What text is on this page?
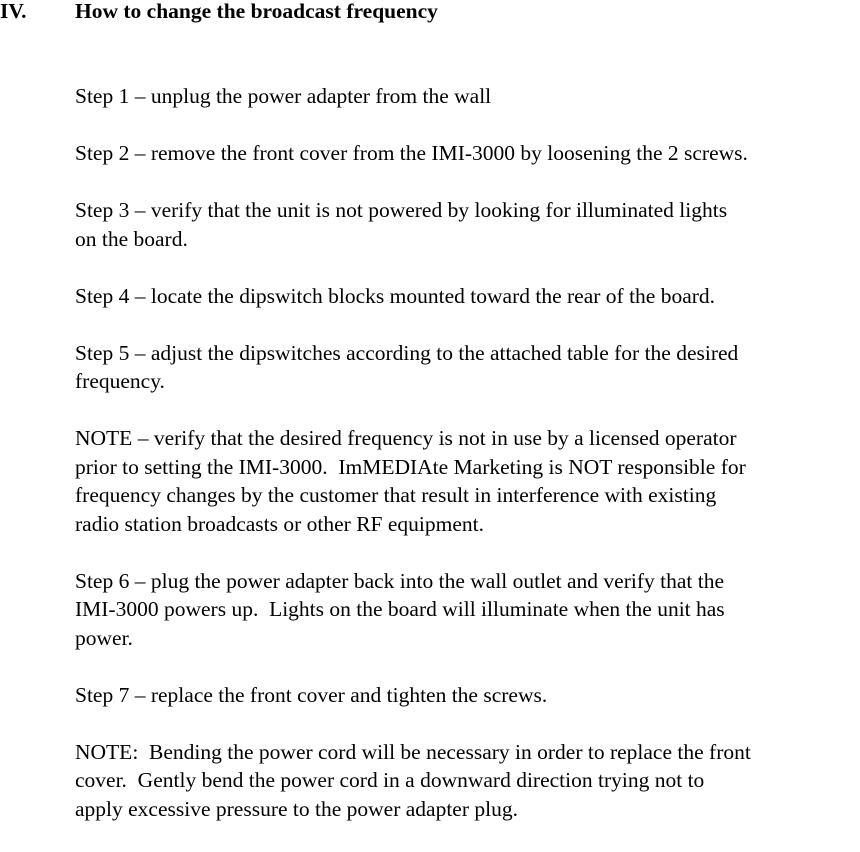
IV. How to change the broadcast frequency
Step 1 – unplug the power adapter from the wall
Step 2 – remove the front cover from the IMI-3000 by loosening the 2 screws.
Step 3 – verify that the unit is not powered by looking for illuminated lights
on the board.
Step 4 – locate the dipswitch blocks mounted toward the rear of the board.
Step 5 – adjust the dipswitches according to the attached table for the desired
frequency.
NOTE – verify that the desired frequency is not in use by a licensed operator
prior to setting the IMI-3000.  ImMEDIAte Marketing is NOT responsible for
frequency changes by the customer that result in interference with existing
radio station broadcasts or other RF equipment.
Step 6 – plug the power adapter back into the wall outlet and verify that the
IMI-3000 powers up.  Lights on the board will illuminate when the unit has
power.
Step 7 – replace the front cover and tighten the screws.
NOTE:  Bending the power cord will be necessary in order to replace the front
cover.  Gently bend the power cord in a downward direction trying not to
apply excessive pressure to the power adapter plug.
